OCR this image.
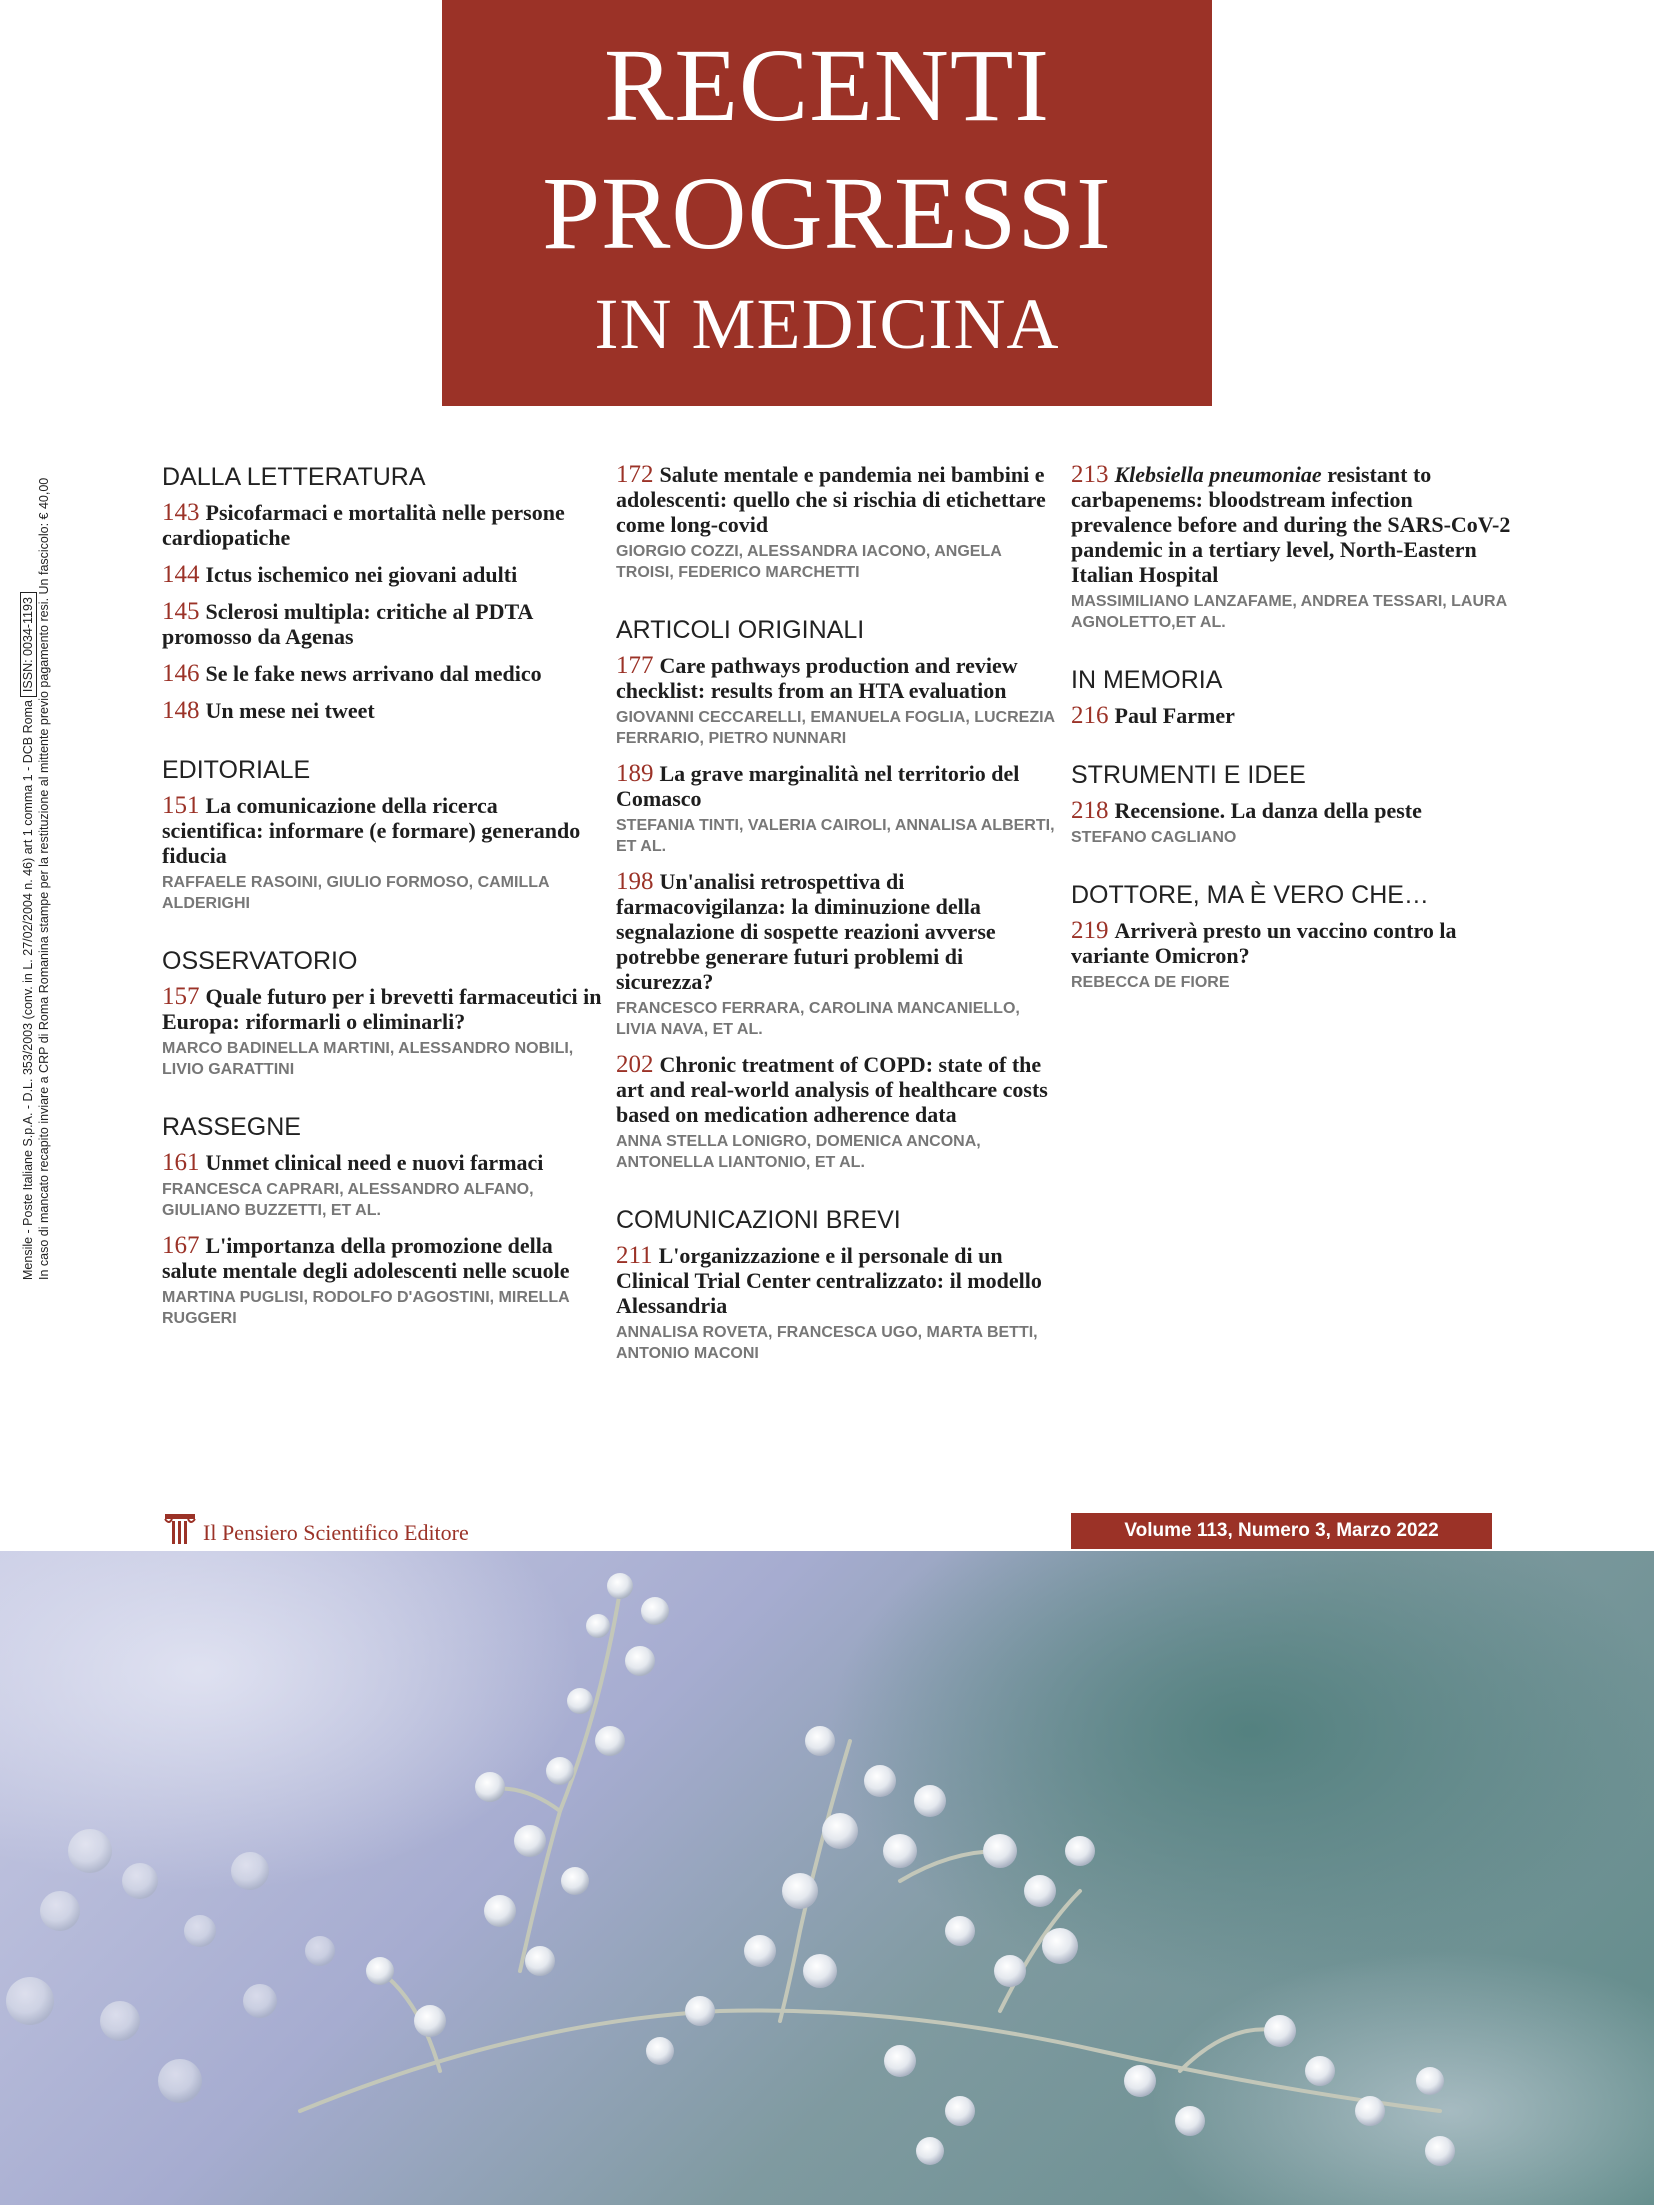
RECENTI
PROGRESSI
IN MEDICINA
Mensile - Poste Italiane S.p.A. - D.L. 353/2003 (conv. in L. 27/02/2004 n. 46) art 1 comma 1 - DCB RomaISSN: 0034-1193 In caso di mancato recapito inviare a CRP di Roma Romanina stampe per la restituzione al mittente previo pagamento resi. Un fascicolo: € 40,00
DALLA LETTERATURA
143 Psicofarmaci e mortalità nelle persone cardiopatiche
144 Ictus ischemico nei giovani adulti
145 Sclerosi multipla: critiche al PDTA promosso da Agenas
146 Se le fake news arrivano dal medico
148 Un mese nei tweet
EDITORIALE
151 La comunicazione della ricerca scientifica: informare (e formare) generando fiducia
RAFFAELE RASOINI, GIULIO FORMOSO, CAMILLA ALDERIGHI
OSSERVATORIO
157 Quale futuro per i brevetti farmaceutici in Europa: riformarli o eliminarli?
MARCO BADINELLA MARTINI, ALESSANDRO NOBILI, LIVIO GARATTINI
RASSEGNE
161 Unmet clinical need e nuovi farmaci
FRANCESCA CAPRARI, ALESSANDRO ALFANO, GIULIANO BUZZETTI, ET AL.
167 L'importanza della promozione della salute mentale degli adolescenti nelle scuole
MARTINA PUGLISI, RODOLFO D'AGOSTINI, MIRELLA RUGGERI
172 Salute mentale e pandemia nei bambini e adolescenti: quello che si rischia di etichettare come long-covid
GIORGIO COZZI, ALESSANDRA IACONO, ANGELA TROISI, FEDERICO MARCHETTI
ARTICOLI ORIGINALI
177 Care pathways production and review checklist: results from an HTA evaluation
GIOVANNI CECCARELLI, EMANUELA FOGLIA, LUCREZIA FERRARIO, PIETRO NUNNARI
189 La grave marginalità nel territorio del Comasco
STEFANIA TINTI, VALERIA CAIROLI, ANNALISA ALBERTI, ET AL.
198 Un'analisi retrospettiva di farmacovigilanza: la diminuzione della segnalazione di sospette reazioni avverse potrebbe generare futuri problemi di sicurezza?
FRANCESCO FERRARA, CAROLINA MANCANIELLO, LIVIA NAVA, ET AL.
202 Chronic treatment of COPD: state of the art and real-world analysis of healthcare costs based on medication adherence data
ANNA STELLA LONIGRO, DOMENICA ANCONA, ANTONELLA LIANTONIO, ET AL.
COMUNICAZIONI BREVI
211 L'organizzazione e il personale di un Clinical Trial Center centralizzato: il modello Alessandria
ANNALISA ROVETA, FRANCESCA UGO, MARTA BETTI, ANTONIO MACONI
213 Klebsiella pneumoniae resistant to carbapenems: bloodstream infection prevalence before and during the SARS-CoV-2 pandemic in a tertiary level, North-Eastern Italian Hospital
MASSIMILIANO LANZAFAME, ANDREA TESSARI, LAURA AGNOLETTO,ET AL.
IN MEMORIA
216 Paul Farmer
STRUMENTI E IDEE
218 Recensione. La danza della peste
STEFANO CAGLIANO
DOTTORE, MA È VERO CHE…
219 Arriverà presto un vaccino contro la variante Omicron?
REBECCA DE FIORE
Il Pensiero Scientifico Editore	Volume 113, Numero 3, Marzo 2022
